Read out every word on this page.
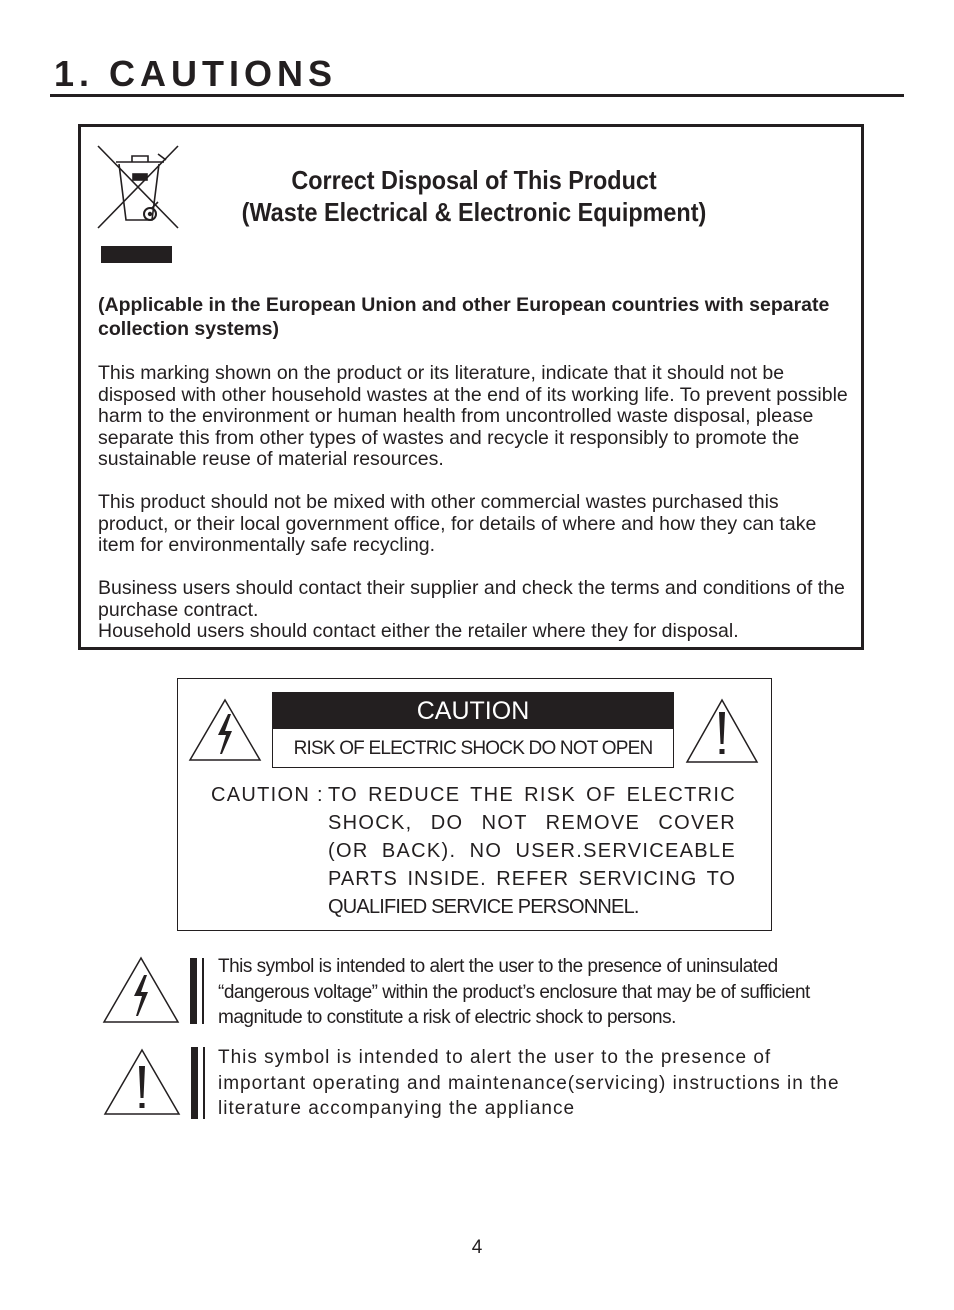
1. CAUTIONS
Correct Disposal of This Product
(Waste Electrical & Electronic Equipment)
(Applicable in the European Union and other European countries with separate collection systems)
This marking shown on the product or its literature, indicate that it should not be disposed with other household wastes at the end of its working life. To prevent possible harm to the environment or human health from uncontrolled waste disposal, please separate this from other types of wastes and recycle it responsibly to promote the sustainable reuse of material resources.
This product should not be mixed with other commercial wastes purchased this product, or their local government office, for details of where and how they can take item for environmentally safe recycling.
Business users should contact their supplier and check the terms and conditions of the purchase contract.
Household users should contact either the retailer where they for disposal.
CAUTION
RISK OF ELECTRIC SHOCK DO NOT OPEN
CAUTION : TO REDUCE THE RISK OF ELECTRIC
SHOCK, DO NOT REMOVE COVER
(OR BACK). NO USER.SERVICEABLE
PARTS INSIDE. REFER SERVICING TO
QUALIFIED SERVICE PERSONNEL.
This symbol is intended to alert the user to the presence of uninsulated “dangerous voltage” within the product’s enclosure that may be of sufficient magnitude to constitute a risk of electric shock to persons.
This symbol is intended to alert the user to the presence of important operating and maintenance(servicing) instructions in the literature accompanying the appliance
4
